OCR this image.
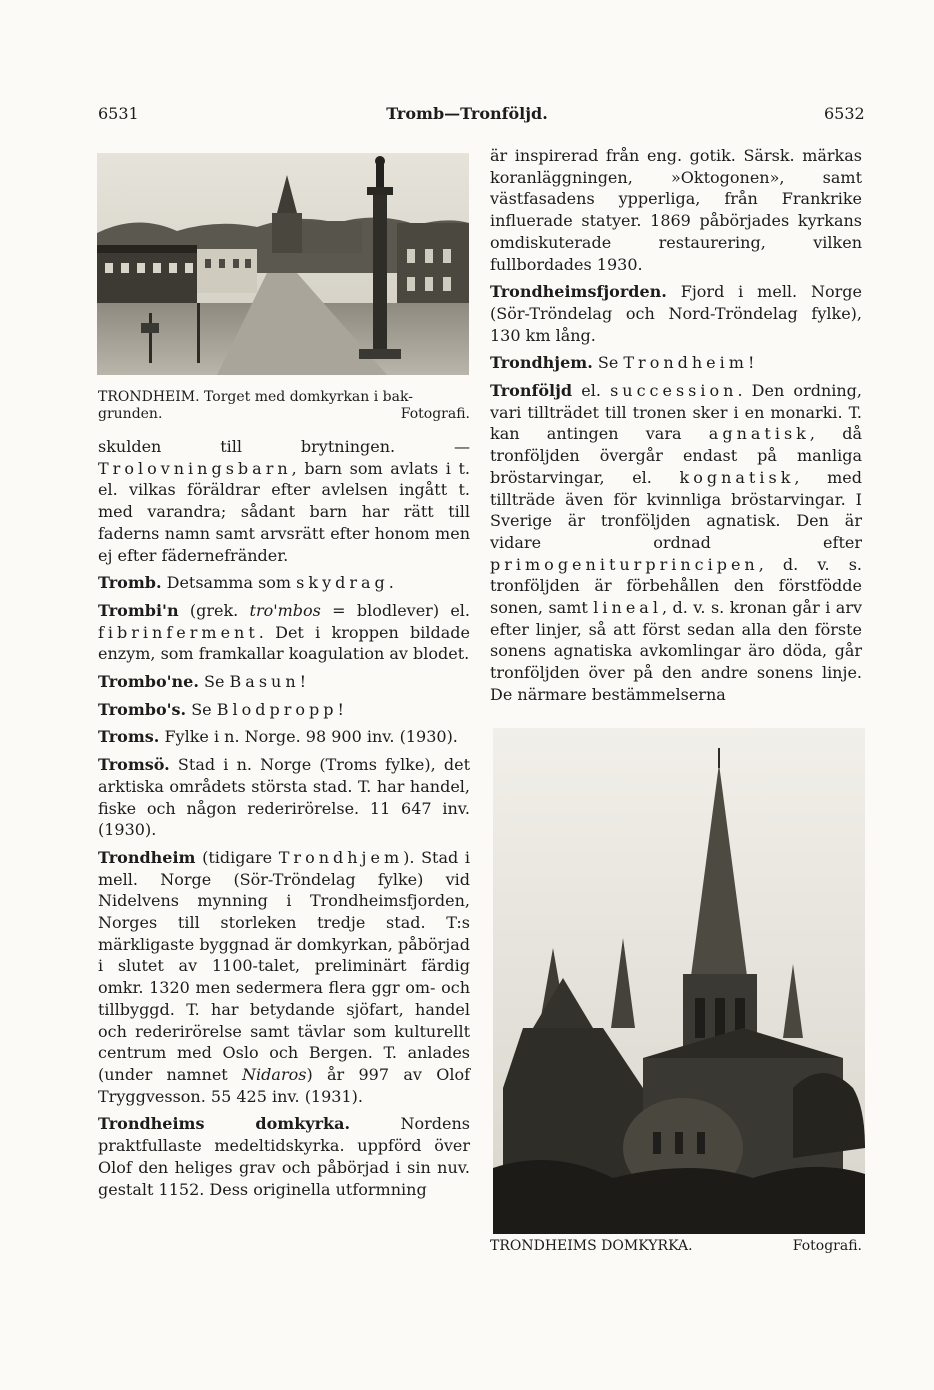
6531	Tromb—Tronföljd.	6532
TRONDHEIM. Torget med domkyrkan i bak-grunden.	Fotografi.

skulden till brytningen. — Trolovningsbarn, barn som avlats i t. el. vilkas föräldrar efter avlelsen ingått t. med varandra; sådant barn har rätt till faderns namn samt arvsrätt efter honom men ej efter fädernefränder.

Tromb. Detsamma som skydrag.

Trombi'n (grek. tro'mbos = blodlever) el. fibrinferment. Det i kroppen bildade enzym, som framkallar koagulation av blodet.

Trombo'ne. Se Basun!

Trombo's. Se Blodpropp!

Troms. Fylke i n. Norge. 98 900 inv. (1930).

Tromsö. Stad i n. Norge (Troms fylke), det arktiska områdets största stad. T. har handel, fiske och någon rederirörelse. 11 647 inv. (1930).

Trondheim (tidigare Trondhjem). Stad i mell. Norge (Sör-Tröndelag fylke) vid Nidelvens mynning i Trondheimsfjorden, Norges till storleken tredje stad. T:s märkligaste byggnad är domkyrkan, påbörjad i slutet av 1100-talet, preliminärt färdig omkr. 1320 men sedermera flera ggr om- och tillbyggd. T. har betydande sjöfart, handel och rederirörelse samt tävlar som kulturellt centrum med Oslo och Bergen. T. anlades (under namnet Nidaros) år 997 av Olof Tryggvesson. 55 425 inv. (1931).

Trondheims domkyrka. Nordens praktfullaste medeltidskyrka. uppförd över Olof den heliges grav och påbörjad i sin nuv. gestalt 1152. Dess originella utformning

är inspirerad från eng. gotik. Särsk. märkas koranläggningen, »Oktogonen», samt västfasadens ypperliga, från Frankrike influerade statyer. 1869 påbörjades kyrkans omdiskuterade restaurering, vilken fullbordades 1930.

Trondheimsfjorden. Fjord i mell. Norge (Sör-Tröndelag och Nord-Tröndelag fylke), 130 km lång.

Trondhjem. Se Trondheim!

Tronföljd el. succession. Den ordning, vari tillträdet till tronen sker i en monarki. T. kan antingen vara agnatisk, då tronföljden övergår endast på manliga bröstarvingar, el. kognatisk, med tillträde även för kvinnliga bröstarvingar. I Sverige är tronföljden agnatisk. Den är vidare ordnad efter primogeniturprincipen, d. v. s. tronföljden är förbehållen den förstfödde sonen, samt lineal, d. v. s. kronan går i arv efter linjer, så att först sedan alla den förste sonens agnatiska avkomlingar äro döda, går tronföljden över på den andre sonens linje. De närmare bestämmelserna

TRONDHEIMS DOMKYRKA.	Fotografi.
